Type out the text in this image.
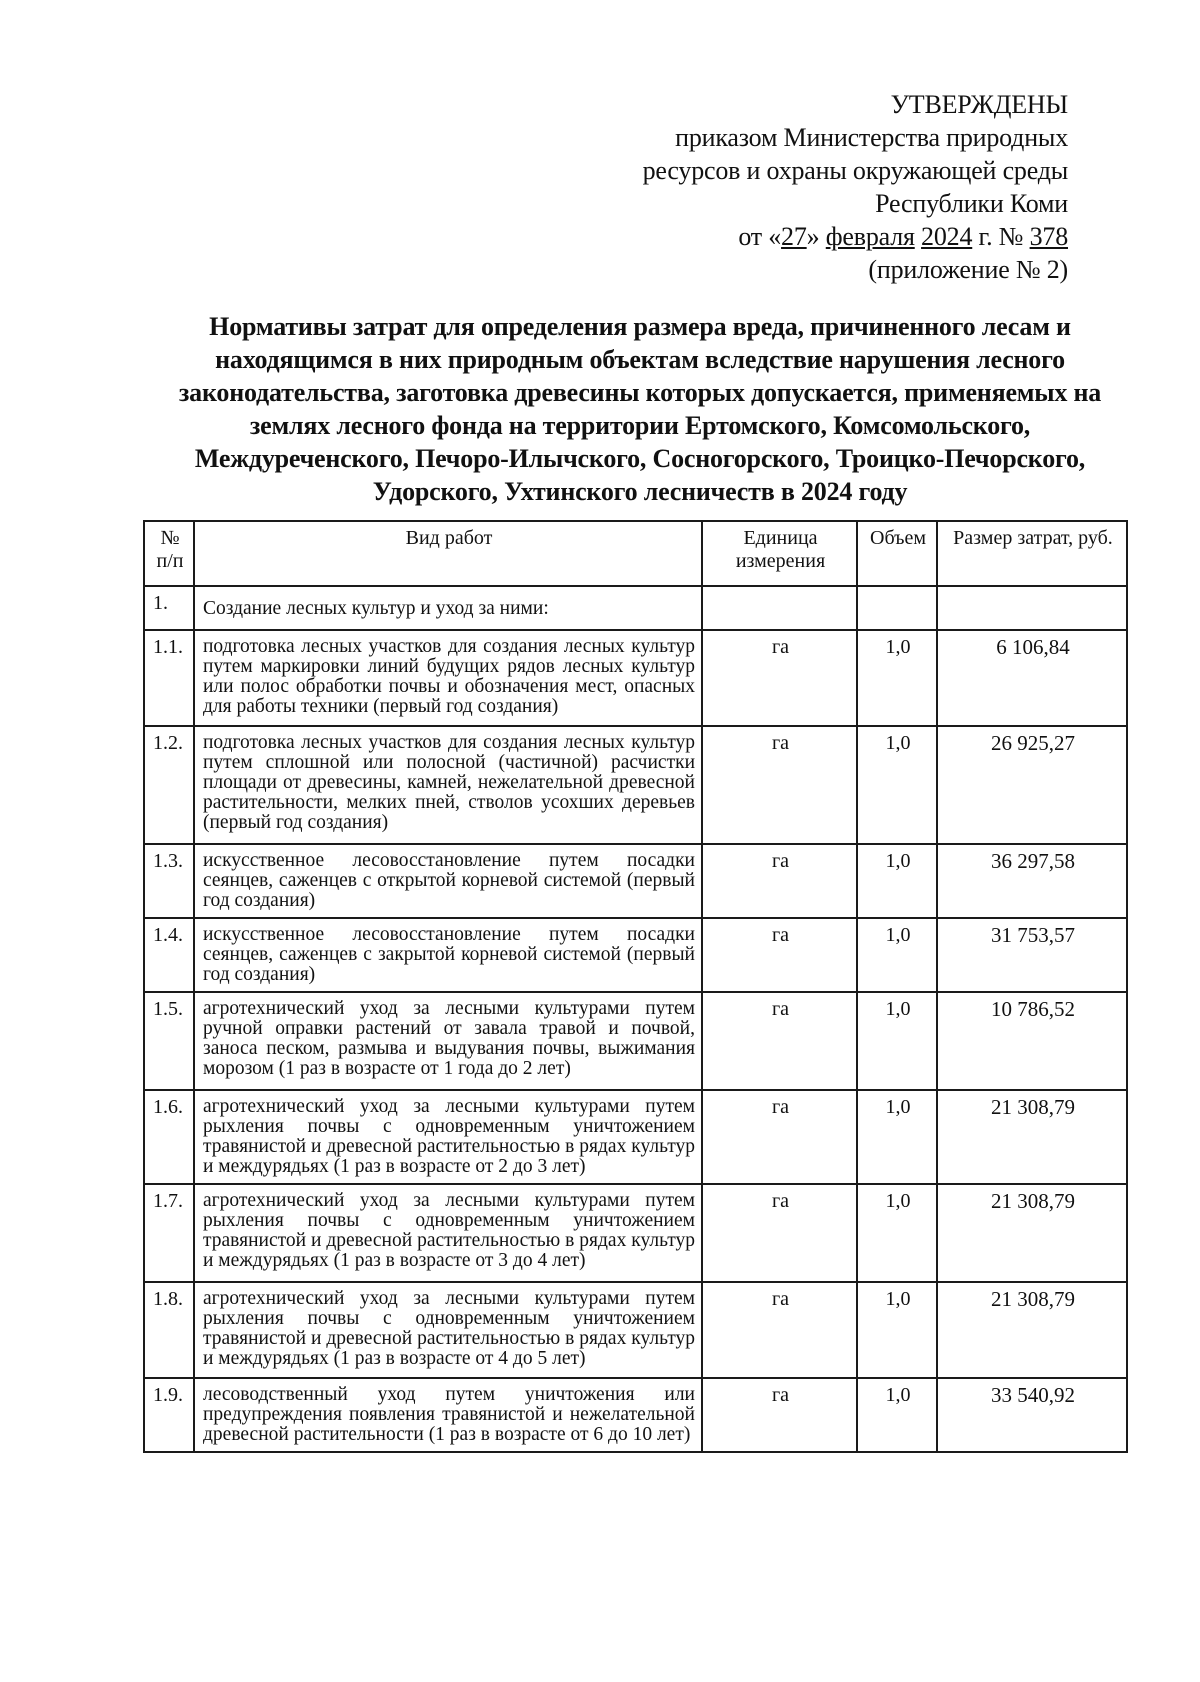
УТВЕРЖДЕНЫ
приказом Министерства природных
ресурсов и охраны окружающей среды
Республики Коми
от «27» февраля 2024 г. № 378
(приложение № 2)
Нормативы затрат для определения размера вреда, причиненного лесам и находящимся в них природным объектам вследствие нарушения лесного законодательства, заготовка древесины которых допускается, применяемых на землях лесного фонда на территории Ертомского, Комсомольского, Междуреченского, Печоро-Илычского, Сосногорского, Троицко-Печорского, Удорского, Ухтинского лесничеств в 2024 году
№ п/п	Вид работ	Единица измерения	Объем	Размер затрат, руб.
1.	Создание лесных культур и уход за ними:			
1.1.	подготовка лесных участков для создания лесных культур путем маркировки линий будущих рядов лесных культур или полос обработки почвы и обозначения мест, опасных для работы техники (первый год создания)	га	1,0	6 106,84
1.2.	подготовка лесных участков для создания лесных культур путем сплошной или полосной (частичной) расчистки площади от древесины, камней, нежелательной древесной растительности, мелких пней, стволов усохших деревьев (первый год создания)	га	1,0	26 925,27
1.3.	искусственное лесовосстановление путем посадки сеянцев, саженцев с открытой корневой системой (первый год создания)	га	1,0	36 297,58
1.4.	искусственное лесовосстановление путем посадки сеянцев, саженцев с закрытой корневой системой (первый год создания)	га	1,0	31 753,57
1.5.	агротехнический уход за лесными культурами путем ручной оправки растений от завала травой и почвой, заноса песком, размыва и выдувания почвы, выжимания морозом (1 раз в возрасте от 1 года до 2 лет)	га	1,0	10 786,52
1.6.	агротехнический уход за лесными культурами путем рыхления почвы с одновременным уничтожением травянистой и древесной растительностью в рядах культур и междурядьях (1 раз в возрасте от 2 до 3 лет)	га	1,0	21 308,79
1.7.	агротехнический уход за лесными культурами путем рыхления почвы с одновременным уничтожением травянистой и древесной растительностью в рядах культур и междурядьях (1 раз в возрасте от 3 до 4 лет)	га	1,0	21 308,79
1.8.	агротехнический уход за лесными культурами путем рыхления почвы с одновременным уничтожением травянистой и древесной растительностью в рядах культур и междурядьях (1 раз в возрасте от 4 до 5 лет)	га	1,0	21 308,79
1.9.	лесоводственный уход путем уничтожения или предупреждения появления травянистой и нежелательной древесной растительности (1 раз в возрасте от 6 до 10 лет)	га	1,0	33 540,92
